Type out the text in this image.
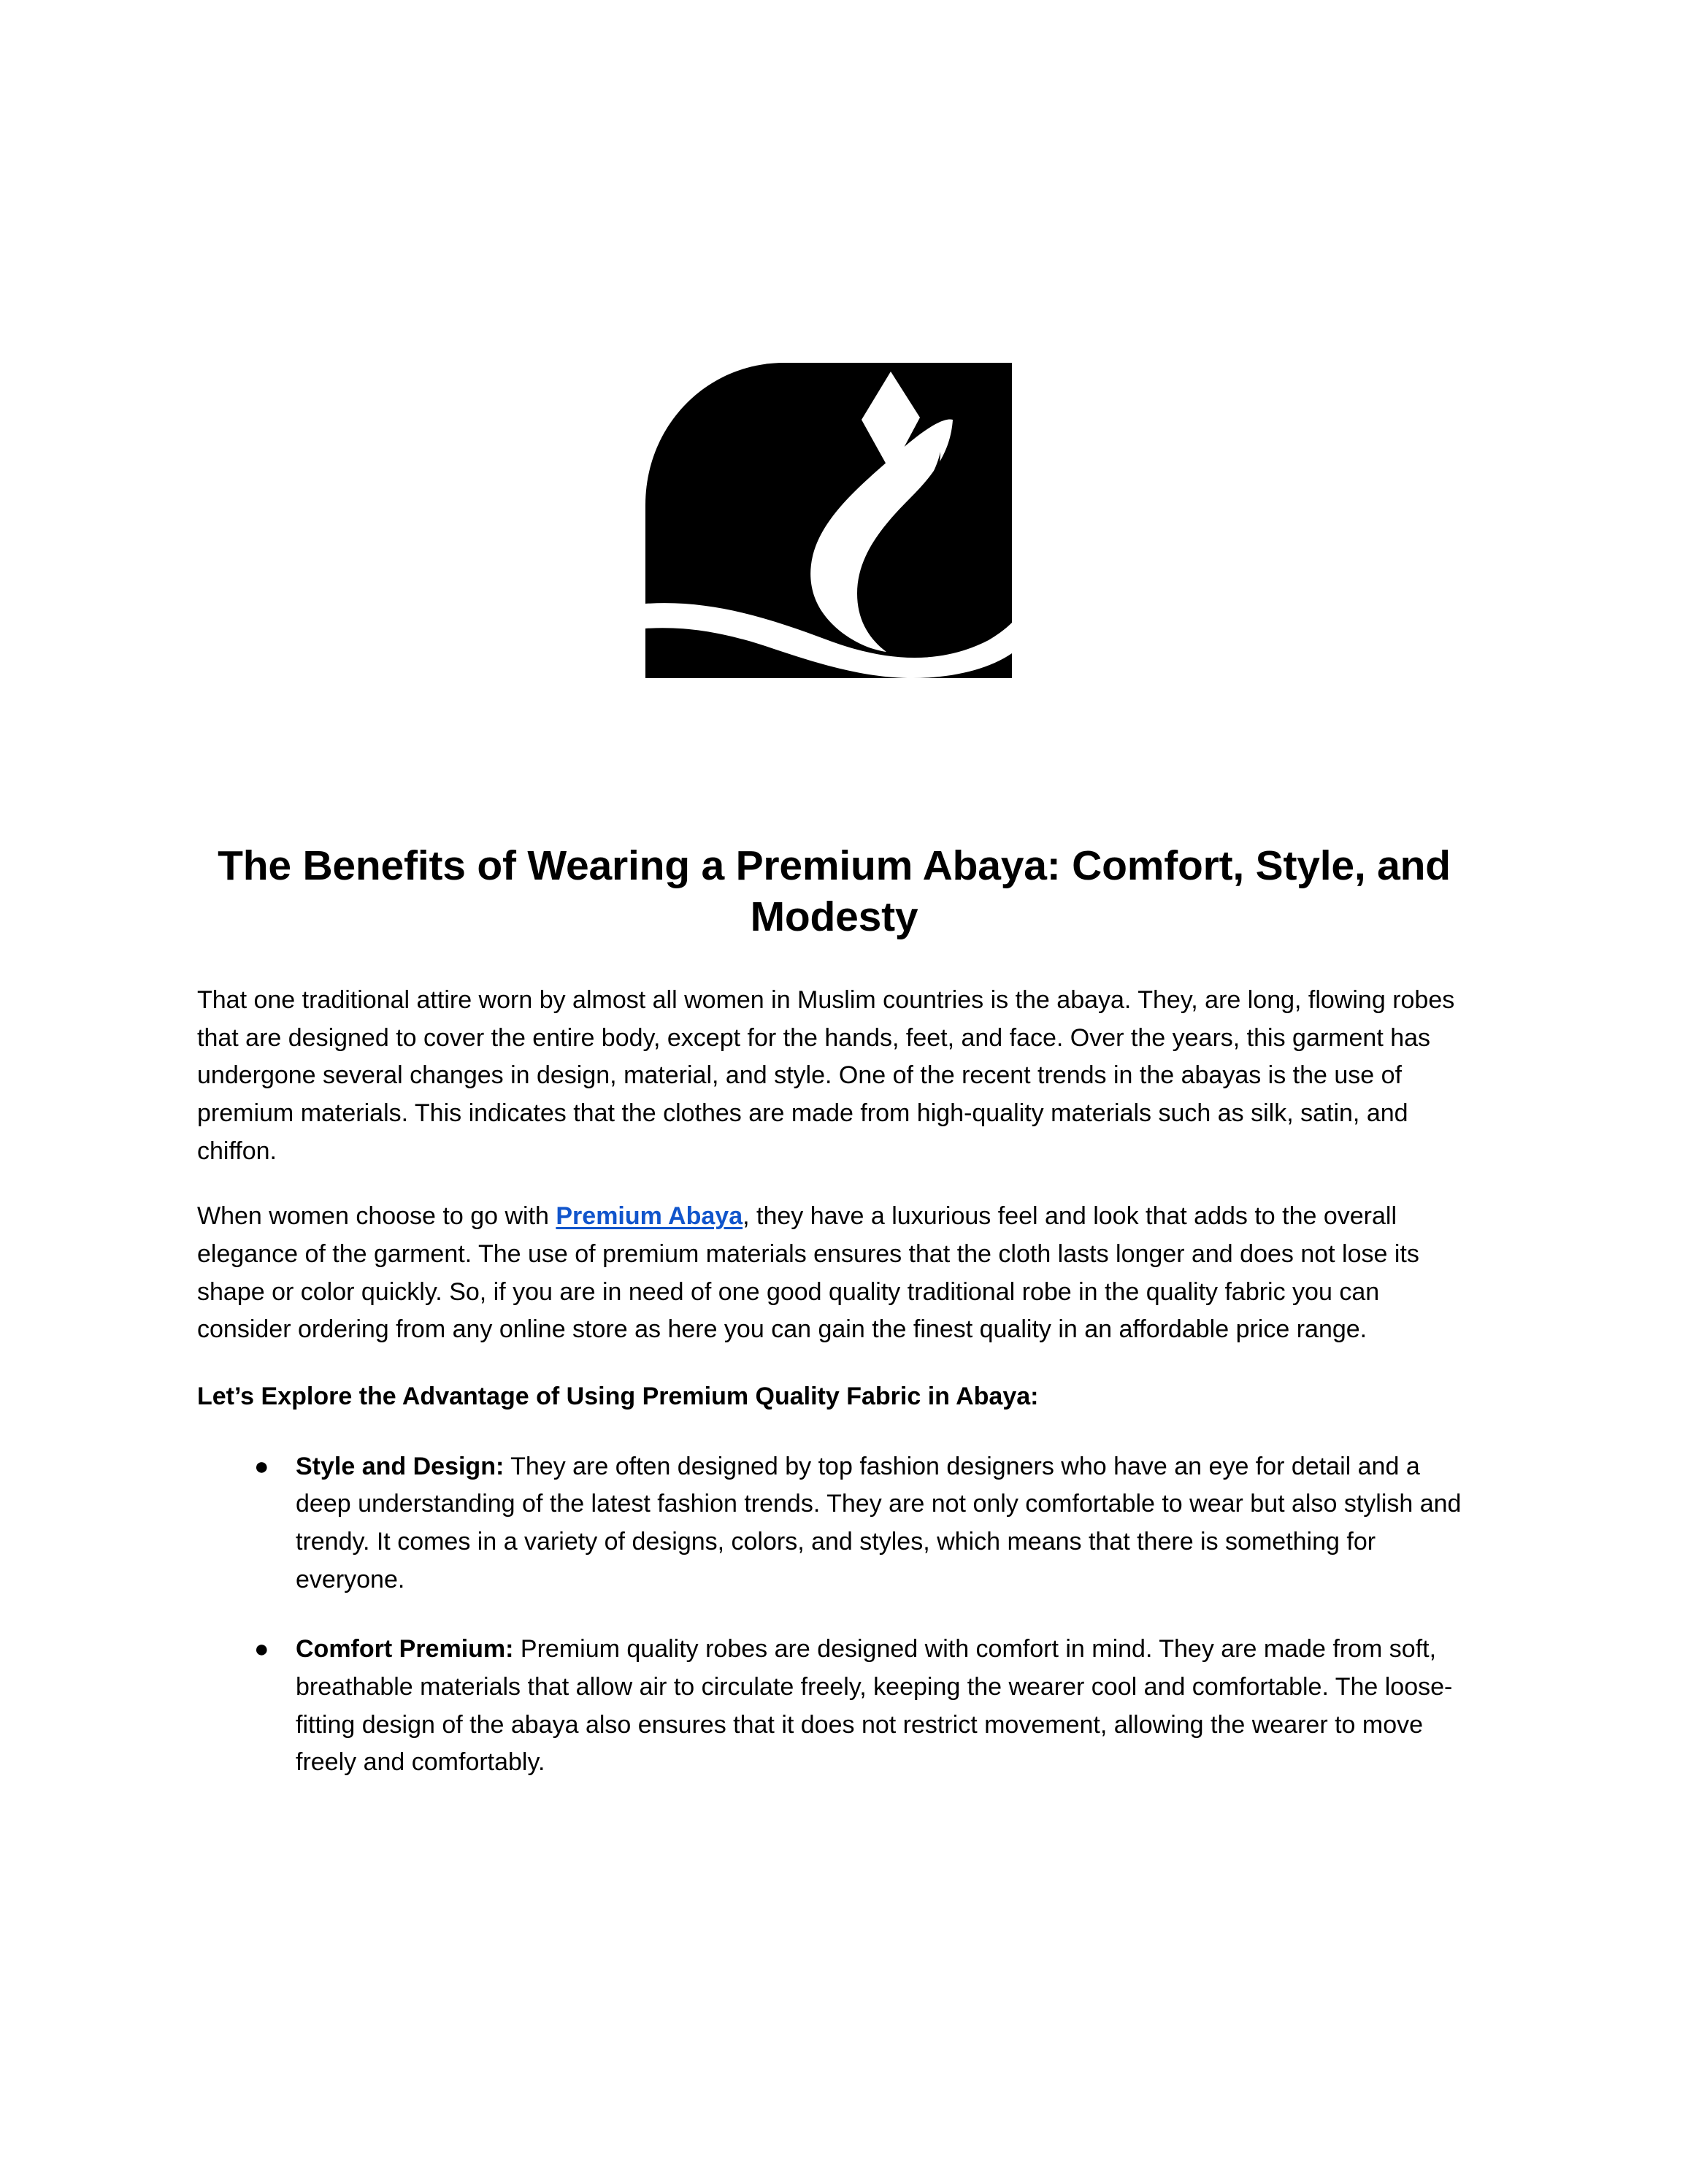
The Benefits of Wearing a Premium Abaya: Comfort, Style, and Modesty

That one traditional attire worn by almost all women in Muslim countries is the abaya. They, are long, flowing robes that are designed to cover the entire body, except for the hands, feet, and face. Over the years, this garment has undergone several changes in design, material, and style. One of the recent trends in the abayas is the use of premium materials. This indicates that the clothes are made from high-quality materials such as silk, satin, and chiffon.

When women choose to go with Premium Abaya, they have a luxurious feel and look that adds to the overall elegance of the garment. The use of premium materials ensures that the cloth lasts longer and does not lose its shape or color quickly. So, if you are in need of one good quality traditional robe in the quality fabric you can consider ordering from any online store as here you can gain the finest quality in an affordable price range.

Let’s Explore the Advantage of Using Premium Quality Fabric in Abaya:

● Style and Design: They are often designed by top fashion designers who have an eye for detail and a deep understanding of the latest fashion trends. They are not only comfortable to wear but also stylish and trendy. It comes in a variety of designs, colors, and styles, which means that there is something for everyone.
● Comfort Premium: Premium quality robes are designed with comfort in mind. They are made from soft, breathable materials that allow air to circulate freely, keeping the wearer cool and comfortable. The loose-fitting design of the abaya also ensures that it does not restrict movement, allowing the wearer to move freely and comfortably.
